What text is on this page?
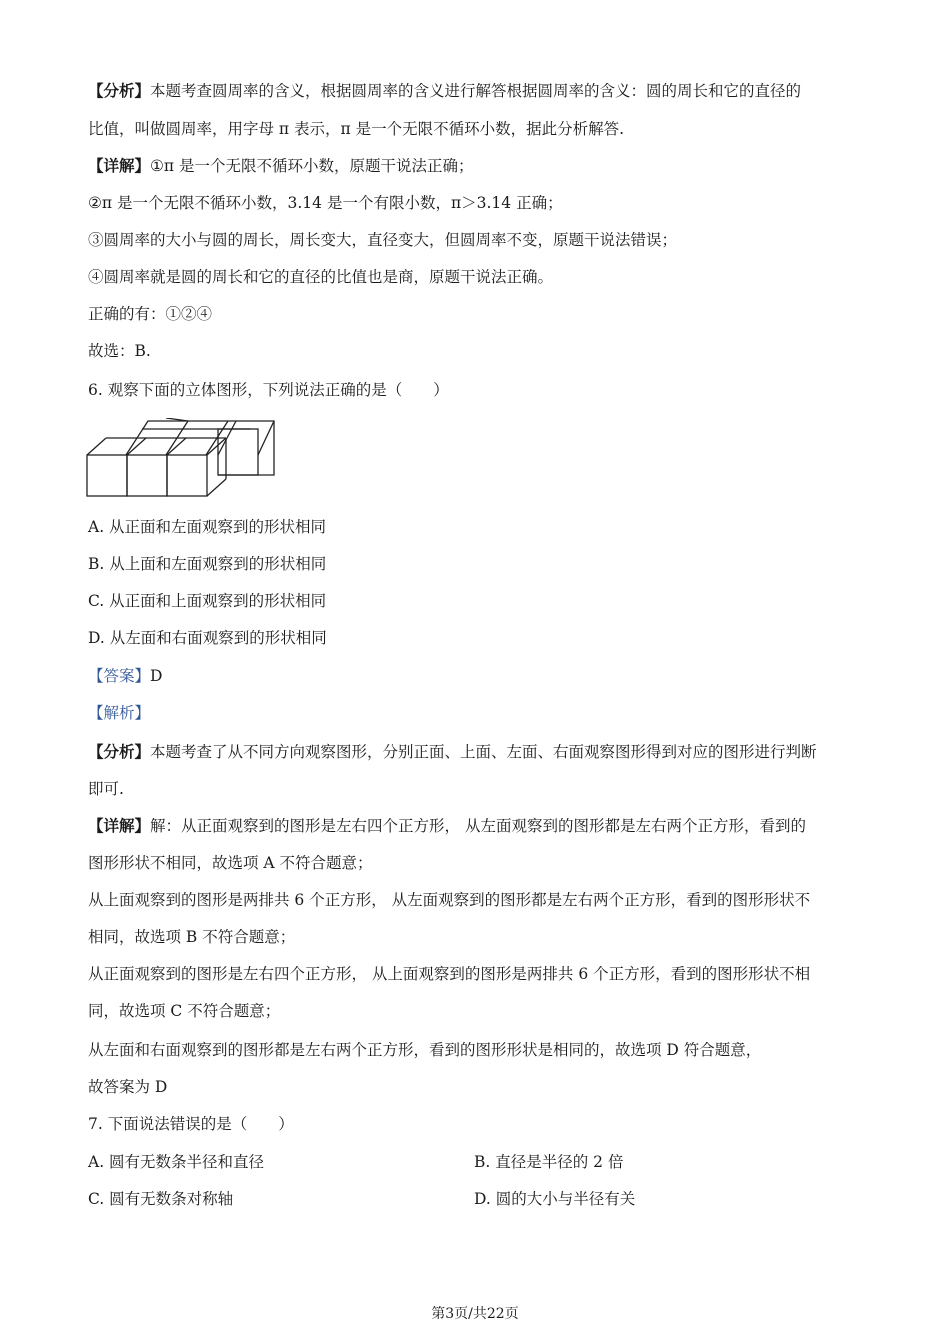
【分析】本题考查圆周率的含义，根据圆周率的含义进行解答根据圆周率的含义：圆的周长和它的直径的
比值，叫做圆周率，用字母 π 表示，π 是一个无限不循环小数，据此分析解答.
【详解】①π 是一个无限不循环小数，原题干说法正确；
②π 是一个无限不循环小数，3.14 是一个有限小数，π＞3.14 正确；
③圆周率的大小与圆的周长，周长变大，直径变大，但圆周率不变，原题干说法错误；
④圆周率就是圆的周长和它的直径的比值也是商，原题干说法正确。
正确的有：①②④
故选：B.
6. 观察下面的立体图形，下列说法正确的是（　　）
A. 从正面和左面观察到的形状相同
B. 从上面和左面观察到的形状相同
C. 从正面和上面观察到的形状相同
D. 从左面和右面观察到的形状相同
【答案】D
【解析】
【分析】本题考查了从不同方向观察图形，分别正面、上面、左面、右面观察图形得到对应的图形进行判断
即可.
【详解】解：从正面观察到的图形是左右四个正方形， 从左面观察到的图形都是左右两个正方形，看到的
图形形状不相同，故选项 A 不符合题意；
从上面观察到的图形是两排共 6 个正方形， 从左面观察到的图形都是左右两个正方形，看到的图形形状不
相同，故选项 B 不符合题意；
从正面观察到的图形是左右四个正方形， 从上面观察到的图形是两排共 6 个正方形，看到的图形形状不相
同，故选项 C 不符合题意；
从左面和右面观察到的图形都是左右两个正方形，看到的图形形状是相同的，故选项 D 符合题意，
故答案为 D
7. 下面说法错误的是（　　）
A. 圆有无数条半径和直径	B. 直径是半径的 2 倍
C. 圆有无数条对称轴	D. 圆的大小与半径有关
第3页/共22页
